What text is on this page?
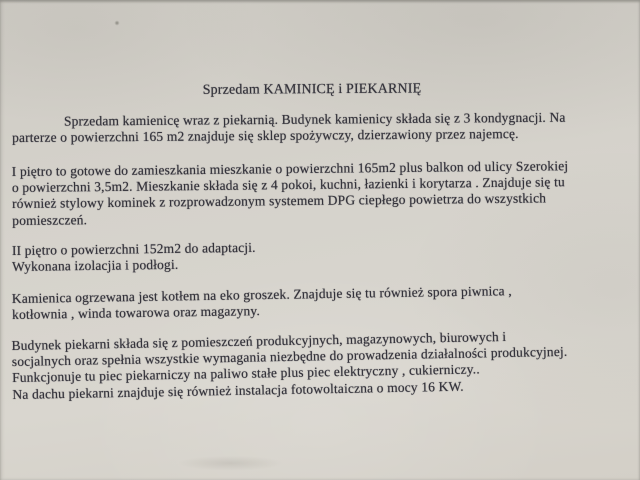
Sprzedam KAMINICĘ i PIEKARNIĘ

Sprzedam kamienicę wraz z piekarnią. Budynek kamienicy składa się z 3 kondygnacji. Na
parterze o powierzchni 165 m2 znajduje się sklep spożywczy, dzierzawiony przez najemcę.

I piętro to gotowe do zamieszkania mieszkanie o powierzchni 165m2 plus balkon od ulicy Szerokiej
o powierzchni 3,5m2. Mieszkanie składa się z 4 pokoi, kuchni, łazienki i korytarza . Znajduje się tu
również stylowy kominek z rozprowadzonym systemem DPG ciepłego powietrza do wszystkich
pomieszczeń.

II piętro o powierzchni 152m2 do adaptacji.
Wykonana izolacjia i podłogi.

Kamienica ogrzewana jest kotłem na eko groszek. Znajduje się tu również spora piwnica ,
kotłownia , winda towarowa oraz magazyny.

Budynek piekarni składa się z pomieszczeń produkcyjnych, magazynowych, biurowych i
socjalnych oraz spełnia wszystkie wymagania niezbędne do prowadzenia działalności produkcyjnej.
Funkcjonuje tu piec piekarniczy na paliwo stałe plus piec elektryczny , cukierniczy..
Na dachu piekarni znajduje się również instalacja fotowoltaiczna o mocy 16 KW.
